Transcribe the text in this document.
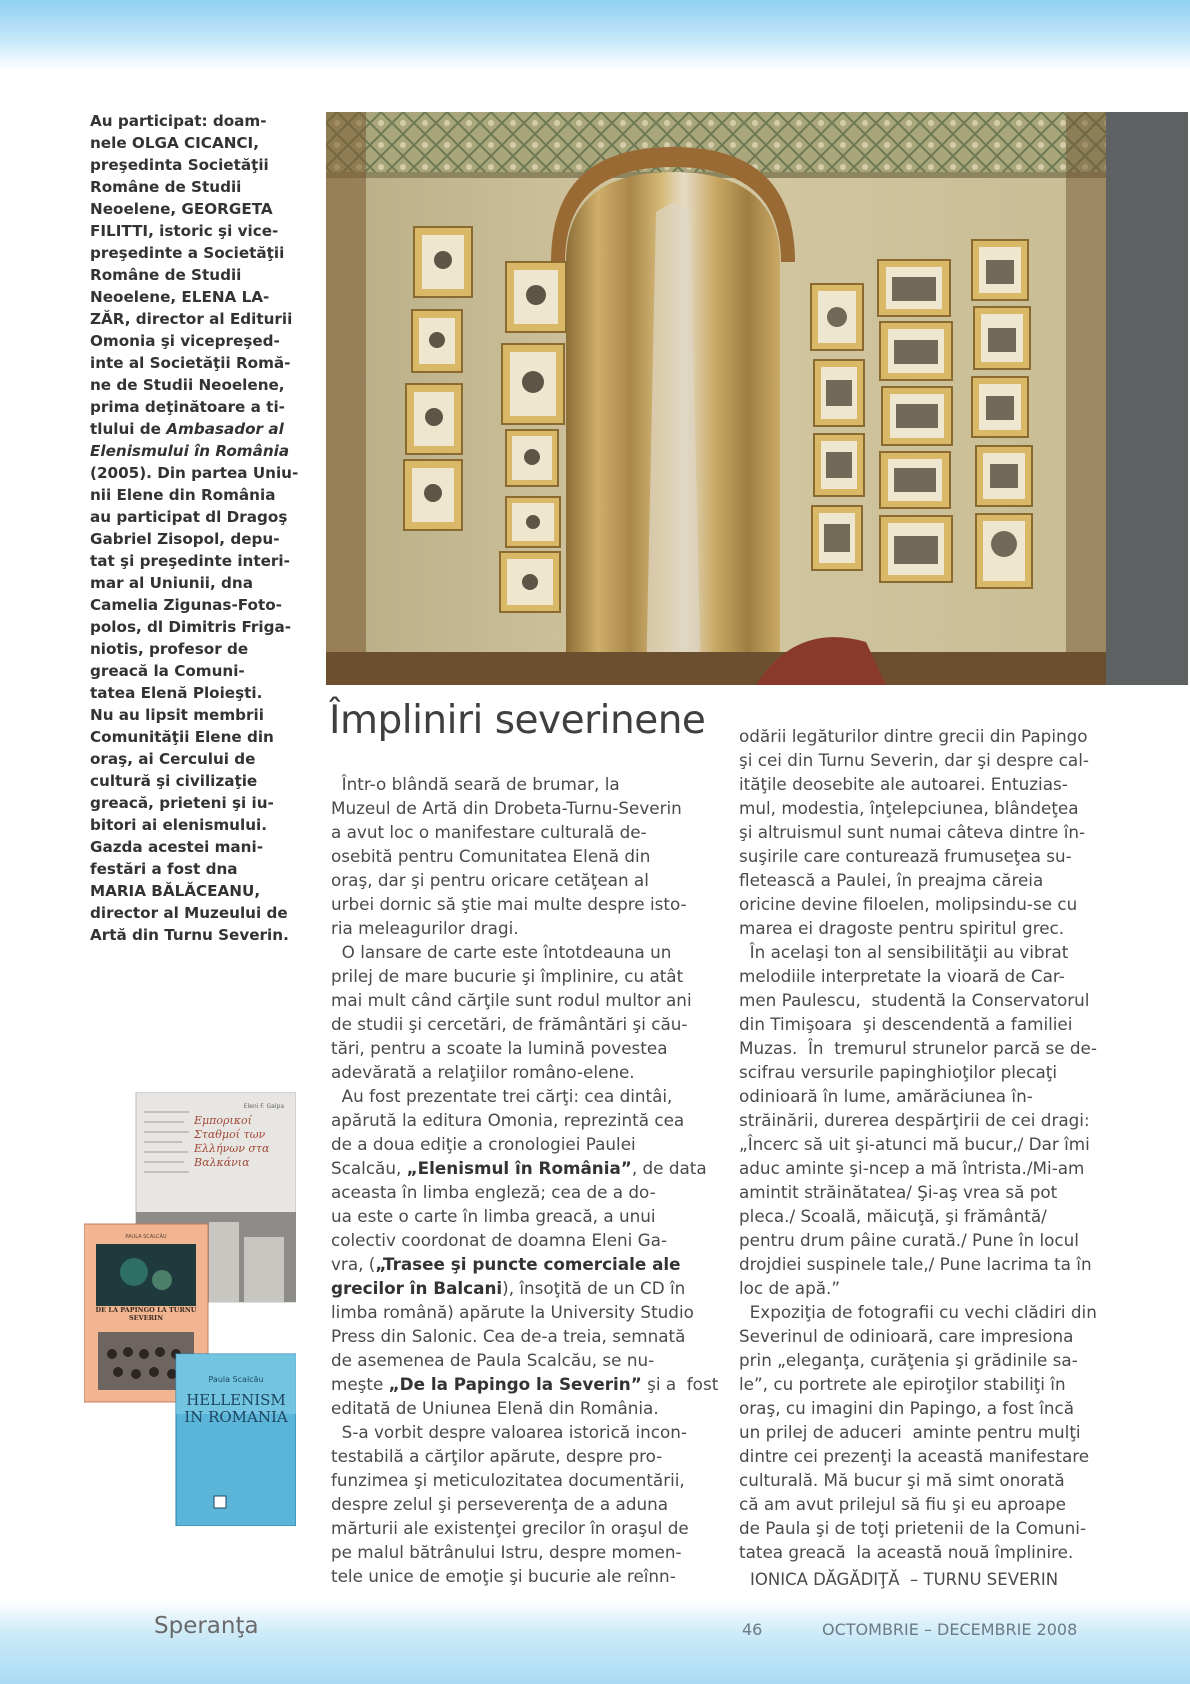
Au participat: doam-
nele OLGA CICANCI,
preşedinta Societăţii
Române de Studii
Neoelene, GEORGETA
FILITTI, istoric şi vice-
preşedinte a Societăţii
Române de Studii
Neoelene, ELENA LA-
ZĂR, director al Editurii
Omonia şi vicepreşed-
inte al Societăţii Romă-
ne de Studii Neoelene,
prima deţinătoare a ti-
tlului de Ambasador al
Elenismului în România
(2005). Din partea Uniu-
nii Elene din România
au participat dl Dragoş
Gabriel Zisopol, depu-
tat şi preşedinte interi-
mar al Uniunii, dna
Camelia Zigunas-Foto-
polos, dl Dimitris Friga-
niotis, profesor de
greacă la Comuni-
tatea Elenă Ploieşti.
Nu au lipsit membrii
Comunităţii Elene din
oraş, ai Cercului de
cultură şi civilizaţie
greacă, prieteni şi iu-
bitori ai elenismului.
Gazda acestei mani-
festări a fost dna
MARIA BĂLĂCEANU,
director al Muzeului de
Artă din Turnu Severin.

Eleni F. Galpa
Εμπορικοί Σταθμοί των Ελλήνων στα Βαλκάνια
PAULA SCALCĂU
DE LA PAPINGO LA TURNU SEVERIN
Paula Scalcău
HELLENISM IN ROMANIA
Împliniri severinene
Într-o blândă seară de brumar, la
Muzeul de Artă din Drobeta-Turnu-Severin
a avut loc o manifestare culturală de-
osebită pentru Comunitatea Elenă din
oraş, dar şi pentru oricare cetăţean al
urbei dornic să ştie mai multe despre isto-
ria meleagurilor dragi.
O lansare de carte este întotdeauna un
prilej de mare bucurie şi împlinire, cu atât
mai mult când cărţile sunt rodul multor ani
de studii şi cercetări, de frământări şi cău-
tări, pentru a scoate la lumină povestea
adevărată a relaţiilor româno-elene.
Au fost prezentate trei cărţi: cea dintâi,
apărută la editura Omonia, reprezintă cea
de a doua ediţie a cronologiei Paulei
Scalcău, „Elenismul în România”, de data
aceasta în limba engleză; cea de a do-
ua este o carte în limba greacă, a unui
colectiv coordonat de doamna Eleni Ga-
vra, („Trasee şi puncte comerciale ale
grecilor în Balcani), însoţită de un CD în
limba română) apărute la University Studio
Press din Salonic. Cea de-a treia, semnată
de asemenea de Paula Scalcău, se nu-
meşte „De la Papingo la Severin” şi a  fost
editată de Uniunea Elenă din România.
S-a vorbit despre valoarea istorică incon-
testabilă a cărţilor apărute, despre pro-
funzimea şi meticulozitatea documentării,
despre zelul şi perseverenţa de a aduna
mărturii ale existenţei grecilor în oraşul de
pe malul bătrânului Istru, despre momen-
tele unice de emoţie şi bucurie ale reînn-
odării legăturilor dintre grecii din Papingo
şi cei din Turnu Severin, dar şi despre cal-
ităţile deosebite ale autoarei. Entuzias-
mul, modestia, înţelepciunea, blândeţea
şi altruismul sunt numai câteva dintre în-
suşirile care conturează frumuseţea su-
fletească a Paulei, în preajma căreia
oricine devine filoelen, molipsindu-se cu
marea ei dragoste pentru spiritul grec.
În acelaşi ton al sensibilităţii au vibrat
melodiile interpretate la vioară de Car-
men Paulescu,  studentă la Conservatorul
din Timişoara  şi descendentă a familiei
Muzas.  În  tremurul strunelor parcă se de-
scifrau versurile papinghioţilor plecaţi
odinioară în lume, amărăciunea în-
străinării, durerea despărţirii de cei dragi:
„Încerc să uit şi-atunci mă bucur,/ Dar îmi
aduc aminte şi-ncep a mă întrista./Mi-am
amintit străinătatea/ Şi-aş vrea să pot
pleca./ Scoală, măicuţă, şi frământă/
pentru drum pâine curată./ Pune în locul
drojdiei suspinele tale,/ Pune lacrima ta în
loc de apă.”
Expoziţia de fotografii cu vechi clădiri din
Severinul de odinioară, care impresiona
prin „eleganţa, curăţenia şi grădinile sa-
le”, cu portrete ale epiroţilor stabiliţi în
oraş, cu imagini din Papingo, a fost încă
un prilej de aduceri  aminte pentru mulţi
dintre cei prezenţi la această manifestare
culturală. Mă bucur şi mă simt onorată
că am avut prilejul să fiu şi eu aproape
de Paula şi de toţi prietenii de la Comuni-
tatea greacă  la această nouă împlinire.
IONICA DĂGĂDIŢĂ  – TURNU SEVERIN
Speranţa	46	OCTOMBRIE – DECEMBRIE 2008
